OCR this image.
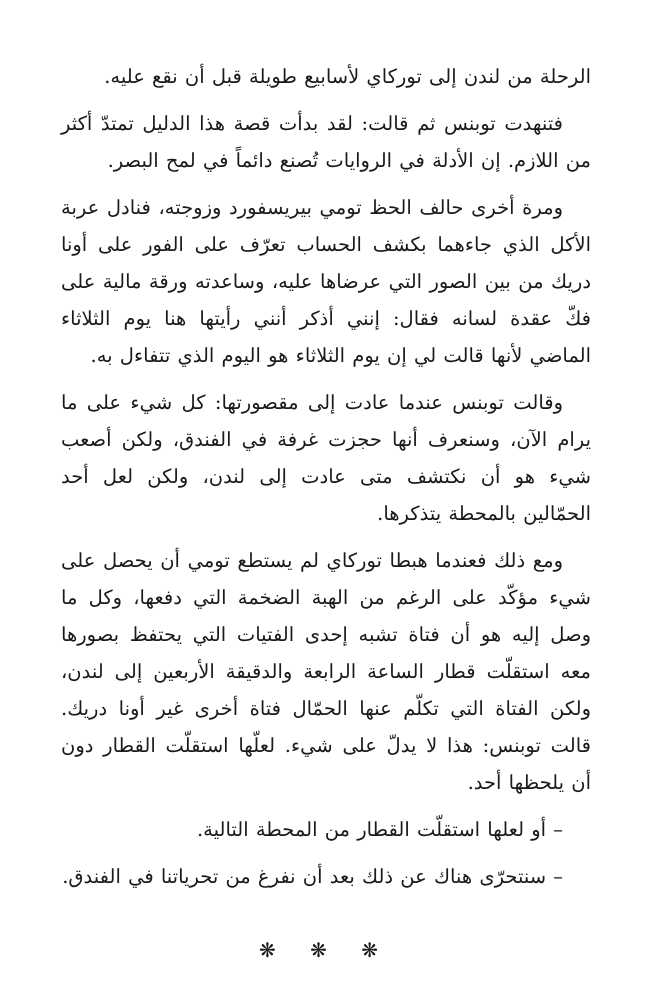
الرحلة من لندن إلى توركاي لأسابيع طويلة قبل أن نقع عليه.

فتنهدت توبنس ثم قالت: لقد بدأت قصة هذا الدليل تمتدّ أكثر من اللازم. إن الأدلة في الروايات تُصنع دائماً في لمح البصر.

ومرة أخرى حالف الحظ تومي بيريسفورد وزوجته، فنادل عربة الأكل الذي جاءهما بكشف الحساب تعرّف على الفور على أونا دريك من بين الصور التي عرضاها عليه، وساعدته ورقة مالية على فكّ عقدة لسانه فقال: إنني أذكر أنني رأيتها هنا يوم الثلاثاء الماضي لأنها قالت لي إن يوم الثلاثاء هو اليوم الذي تتفاءل به.

وقالت توبنس عندما عادت إلى مقصورتها: كل شيء على ما يرام الآن، وسنعرف أنها حجزت غرفة في الفندق، ولكن أصعب شيء هو أن نكتشف متى عادت إلى لندن، ولكن لعل أحد الحمّالين بالمحطة يتذكرها.

ومع ذلك فعندما هبطا توركاي لم يستطع تومي أن يحصل على شيء مؤكّد على الرغم من الهبة الضخمة التي دفعها، وكل ما وصل إليه هو أن فتاة تشبه إحدى الفتيات التي يحتفظ بصورها معه استقلّت قطار الساعة الرابعة والدقيقة الأربعين إلى لندن، ولكن الفتاة التي تكلّم عنها الحمّال فتاة أخرى غير أونا دريك. قالت توبنس: هذا لا يدلّ على شيء. لعلّها استقلّت القطار دون أن يلحظها أحد.

– أو لعلها استقلّت القطار من المحطة التالية.

– سنتحرّى هناك عن ذلك بعد أن نفرغ من تحرياتنا في الفندق.

❋ ❋ ❋
